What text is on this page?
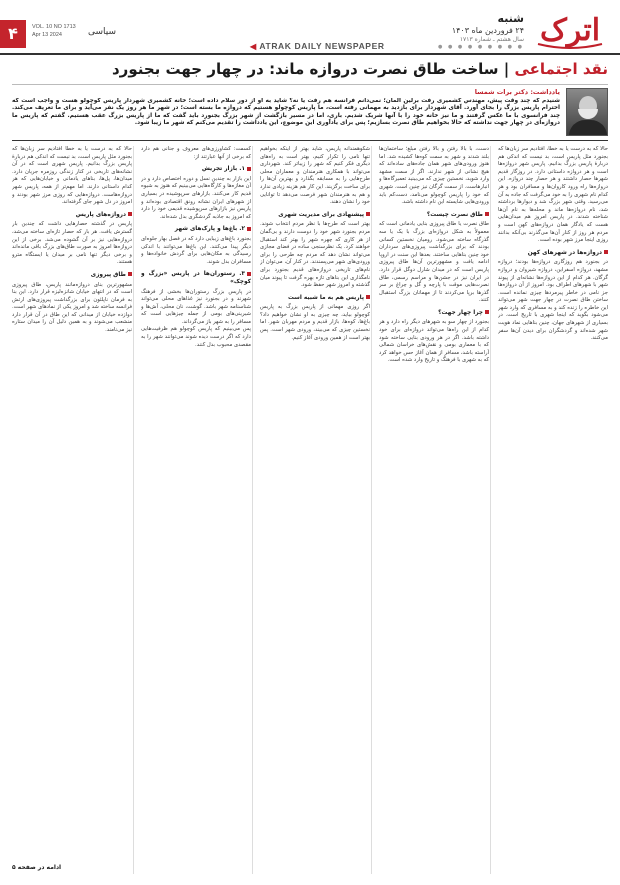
اترک
شنبه
۲۴ فروردین ماه ۱۴۰۳
سال هشتم ـ شماره ۱۷۱۳
● ● ● ● ● ● ● ● ●
◀ ATRAK DAILY NEWSPAPER
۴	VOL. 10 NO 1713
Apr 13 2024	سیاسی
نقد اجتماعی | ساخت طاق نصرت دروازه ماند: در چهار جهت بجنورد
یادداشت: دکتر برات شمسا
شنیدم که چند وقت پیش، مهندس کشمیری رفت برلین آلمان؛ نمی‌دانم فرانسه هم رفت یا نه؟ شاید به او از دور سلام داده است؛ خانه کشمیری شهردار پاریس کوچولو هست و واجب است که احترام پاریس بزرگ را بجای آورد. آقای شهردار برای بازدید به مهمانی رفته است، ما پاریس کوچولو هستیم که دروازه ما بسته است؛ در شهر ما هر روز یک نفر می‌آید و برای ما تعریف می‌کند. چند فرانسوی با ما عکس گرفتند و ما نیز خانه خود را با آنها شریک شدیم. باری، اما در مسیر بازگشت از شهر بزرگ بجنورد باید گفت که ما از پاریس بزرگ عقب هستیم. گفتم که پاریس ما دروازه‌ای در چهار جهت نداشته که حالا بخواهیم طاق نصرت بسازیم؛ پس برای یادآوری این موضوع، این یادداشت را تقدیم می‌کنم که شهر ما زیبا شود.

حالا که به درست یا به خطا، افتادیم سر زبان‌ها که بجنورد مثل پاریس است، بد نیست که اندکی هم دربارهٔ پاریس بزرگ بدانیم. پاریس شهر دروازه‌ها است و هر دروازه داستانی دارد. در روزگار قدیم شهرها حصار داشتند و هر حصار چند دروازه. این دروازه‌ها راه ورود کاروان‌ها و مسافران بود و هر کدام نام شهری را به خود می‌گرفت که جاده به آن می‌رسید. وقتی شهر بزرگ شد و دیوارها برداشته شد، نام دروازه‌ها ماند و محله‌ها به نام آن‌ها شناخته شدند. در پاریس امروز هم میدان‌هایی هست که یادگار همان دروازه‌های کهن است و مردم هر روز از کنار آن‌ها می‌گذرند بی‌آنکه بدانند روزی اینجا مرز شهر بوده است.

دروازه‌ها در شهرهای کهن

در بجنورد هم روزگاری دروازه‌ها بودند؛ دروازه مشهد، دروازه اسفراین، دروازه شیروان و دروازه گرگان. هر کدام از این دروازه‌ها نشانه‌ای از پیوند شهر با شهرهای اطراف بود. امروز از آن دروازه‌ها جز نامی در خاطر پیرمردها چیزی نمانده است. ساختن طاق نصرت در چهار جهت شهر می‌تواند این خاطره را زنده کند و به مسافری که وارد شهر می‌شود بگوید که اینجا شهری با تاریخ است. در بسیاری از شهرهای جهان، چنین بناهایی نماد هویت شهر شده‌اند و گردشگران برای دیدن آن‌ها سفر می‌کنند.

دست، با بالا رفتن و بالا رفتن مبلغ؛ ساختمان‌ها بلند شدند و شهر به سمت کوه‌ها کشیده شد. اما هنوز ورودی‌های شهر همان جاده‌های ساده‌اند که هیچ نشانی از شهر ندارند. اگر از سمت مشهد وارد شوید، نخستین چیزی که می‌بینید تعمیرگاه‌ها و انبارهاست. از سمت گرگان نیز چنین است. شهری که خود را پاریس کوچولو می‌نامد، دست‌کم باید ورودی‌هایی شایسته این نام داشته باشد.

طاق نصرت چیست؟

طاق نصرت یا طاق پیروزی بنایی یادمانی است که معمولاً به شکل دروازه‌ای بزرگ با یک یا سه گذرگاه ساخته می‌شود. رومیان نخستین کسانی بودند که برای بزرگداشت پیروزی‌های سرداران خود چنین بناهایی ساختند. بعدها این سنت در اروپا ادامه یافت و مشهورترین آن‌ها طاق پیروزی پاریس است که در میدان شارل دوگل قرار دارد. در ایران نیز در جشن‌ها و مراسم رسمی، طاق نصرت‌هایی موقت با پارچه و گل و چراغ بر سر گذرها برپا می‌کردند تا از مهمانان بزرگ استقبال کنند.

چرا چهار جهت؟

بجنورد از چهار سو به شهرهای دیگر راه دارد و هر کدام از این راه‌ها می‌تواند دروازه‌ای برای خود داشته باشد. اگر در هر ورودی بنایی ساخته شود که با معماری بومی و نقش‌های خراسان شمالی آراسته باشد، مسافر از همان آغاز حس خواهد کرد که به شهری با فرهنگ و تاریخ وارد شده است.

شکوهمندانه پاریس، شاید بهتر از اینکه بخواهیم تنها نامی را تکرار کنیم، بهتر است به راه‌های دیگری فکر کنیم که شهر را زیباتر کند. شهرداری می‌تواند با همکاری هنرمندان و معماران محلی طرح‌هایی را به مسابقه بگذارد و بهترین آن‌ها را برای ساخت برگزیند. این کار هم هزینه زیادی ندارد و هم به هنرمندان شهر فرصت می‌دهد تا توانایی خود را نشان دهند.

پیشنهادی برای مدیریت شهری

بهتر است که طرح‌ها با نظر مردم انتخاب شوند. مردم بجنورد شهر خود را دوست دارند و بی‌گمان از هر کاری که چهره شهر را بهتر کند استقبال خواهند کرد. یک نظرسنجی ساده در فضای مجازی می‌تواند نشان دهد که مردم چه طرحی را برای ورودی‌های شهر می‌پسندند. در کنار آن، می‌توان از نام‌های تاریخی دروازه‌های قدیم بجنورد برای نامگذاری این بناهای تازه بهره گرفت تا پیوند میان گذشته و امروز شهر حفظ شود.

پاریس هم به ما شبیه است

اگر روزی مهمانی از پاریس بزرگ به پاریس کوچولو بیاید، چه چیزی به او نشان خواهیم داد؟ باغ‌ها، کوه‌ها، بازار قدیم و مردم مهربان شهر. اما نخستین چیزی که می‌بیند، ورودی شهر است. پس بهتر است از همین ورودی آغاز کنیم.

کسمت: کشاورزی‌های معروف و جنانی هم دارد که برخی از آنها عبارتند از:

۱. بازار تجریش

این بازار به چندین نسل و دوره اختصاص دارد و در آن مغازه‌ها و کارگاه‌هایی می‌بینیم که هنوز به شیوه قدیم کار می‌کنند. بازارهای سرپوشیده در بسیاری از شهرهای ایران نشانه رونق اقتصادی بوده‌اند و پاریس نیز بازارهای سرپوشیده قدیمی خود را دارد که امروز به جاذبه گردشگری بدل شده‌اند.

۲. باغ‌ها و پارک‌های شهر

بجنورد باغ‌های زیبایی دارد که در فصل بهار جلوه‌ای دیگر پیدا می‌کنند. این باغ‌ها می‌توانند با اندکی رسیدگی به مکان‌هایی برای گردش خانواده‌ها و مسافران بدل شوند.

۳. رستوران‌ها در پاریس «بزرگ و کوچک»

در پاریس بزرگ رستوران‌ها بخشی از فرهنگ شهرند و در بجنورد نیز غذاهای محلی می‌تواند شناسنامه شهر باشد. گوشت، نان محلی، آش‌ها و شیرینی‌های بومی از جمله چیزهایی است که مسافر را به شهر باز می‌گرداند.

پس می‌بینیم که پاریس کوچولو هم ظرفیت‌هایی دارد که اگر درست دیده شوند می‌توانند شهر را به مقصدی محبوب بدل کنند.

حالا که به درست یا به خطا افتادیم سر زبان‌ها که بجنورد مثل پاریس است، بد نیست که اندکی هم دربارهٔ پاریس بزرگ بدانیم. پاریس شهری است که در آن نشانه‌های تاریخی در کنار زندگی روزمره جریان دارد. میدان‌ها، پل‌ها، بناهای یادمانی و خیابان‌هایی که هر کدام داستانی دارند. اما مهم‌تر از همه، پاریس شهر دروازه‌هاست. دروازه‌هایی که روزی مرز شهر بودند و امروز در دل شهر جای گرفته‌اند.

دروازه‌های پاریس

پاریس در گذشته حصارهایی داشت که چندین بار گسترش یافت. هر بار که حصار تازه‌ای ساخته می‌شد، دروازه‌هایی نیز بر آن گشوده می‌شد. برخی از این دروازه‌ها امروز به صورت طاق‌های بزرگ باقی مانده‌اند و برخی دیگر تنها نامی بر میدان یا ایستگاه مترو هستند.

طاق پیروزی

مشهورترین بنای دروازه‌مانند پاریس، طاق پیروزی است که در انتهای خیابان شانزه‌لیزه قرار دارد. این بنا به فرمان ناپلئون برای بزرگداشت پیروزی‌های ارتش فرانسه ساخته شد و امروز یکی از نمادهای شهر است. دوازده خیابان از میدانی که این طاق در آن قرار دارد منشعب می‌شوند و به همین دلیل آن را میدان ستاره نیز می‌نامند.

ادامه در صفحه ۵
